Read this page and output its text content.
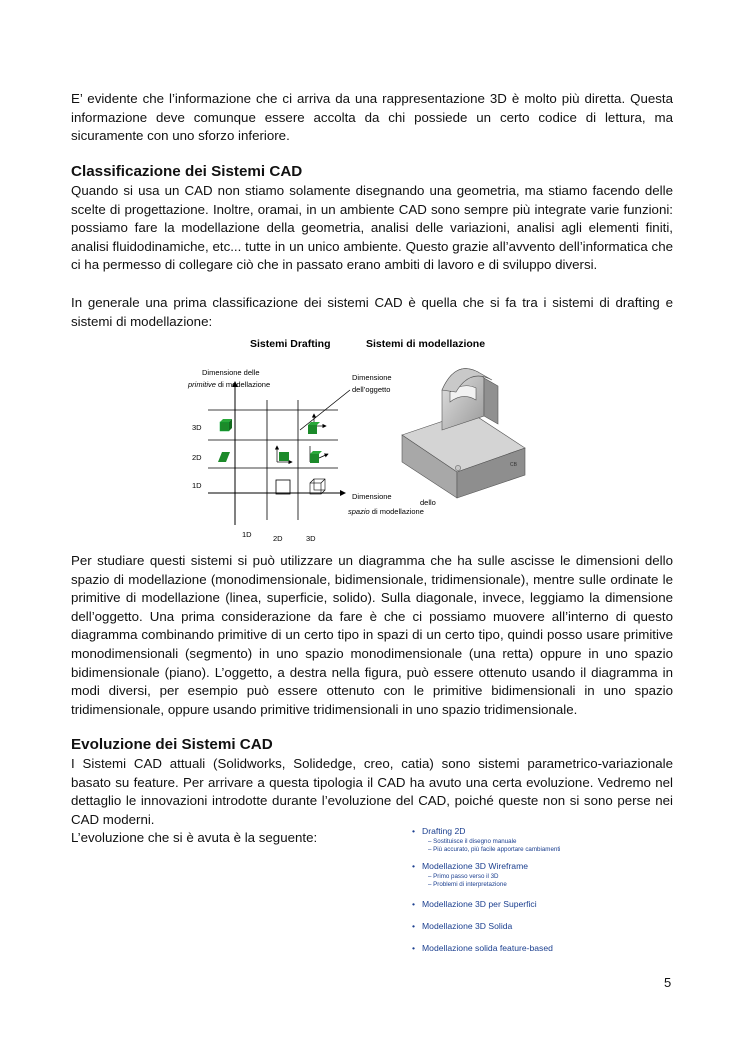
E’ evidente che l’informazione che ci arriva da una rappresentazione 3D è molto più diretta. Questa informazione deve comunque essere accolta da chi possiede un certo codice di lettura, ma sicuramente con uno sforzo inferiore.

Classificazione dei Sistemi CAD

Quando si usa un CAD non stiamo solamente disegnando una geometria, ma stiamo facendo delle scelte di progettazione. Inoltre, oramai, in un ambiente CAD sono sempre più integrate varie funzioni: possiamo fare la modellazione della geometria, analisi delle variazioni, analisi agli elementi finiti, analisi fluidodinamiche, etc... tutte in un unico ambiente. Questo grazie all’avvento dell’informatica che ci ha permesso di collegare ciò che in passato erano ambiti di lavoro e di sviluppo diversi.

In generale una prima classificazione dei sistemi CAD è quella che si fa tra i sistemi di drafting e sistemi di modellazione:

Sistemi Drafting	Sistemi di modellazione
Dimensione delle
primitive di modellazione
Dimensione
dell’oggetto
3D
2D
1D
1D	2D	3D
Dimensione
dello
spazio di modellazione
CB

Per studiare questi sistemi si può utilizzare un diagramma che ha sulle ascisse le dimensioni dello spazio di modellazione (monodimensionale, bidimensionale, tridimensionale), mentre sulle ordinate le primitive di modellazione (linea, superficie, solido). Sulla diagonale, invece, leggiamo la dimensione dell’oggetto. Una prima considerazione da fare è che ci possiamo muovere all’interno di questo diagramma combinando primitive di un certo tipo in spazi di un certo tipo, quindi posso usare primitive monodimensionali (segmento) in uno spazio monodimensionale (una retta) oppure in uno spazio bidimensionale (piano). L’oggetto, a destra nella figura, può essere ottenuto usando il diagramma in modi diversi, per esempio può essere ottenuto con le primitive bidimensionali in uno spazio tridimensionale, oppure usando primitive tridimensionali in uno spazio tridimensionale.

Evoluzione dei Sistemi CAD

I Sistemi CAD attuali (Solidworks, Solidedge, creo, catia) sono sistemi parametrico-variazionale basato su feature. Per arrivare a questa tipologia il CAD ha avuto una certa evoluzione. Vedremo nel dettaglio le innovazioni introdotte durante l’evoluzione del CAD, poiché queste non si sono perse nei CAD moderni.

L’evoluzione che si è avuta è la seguente:	• Drafting 2D
– Sostituisce il disegno manuale
– Più accurato, più facile apportare cambiamenti
• Modellazione 3D Wireframe
– Primo passo verso il 3D
– Problemi di interpretazione
• Modellazione 3D per Superfici
• Modellazione 3D Solida
• Modellazione solida feature-based
5
